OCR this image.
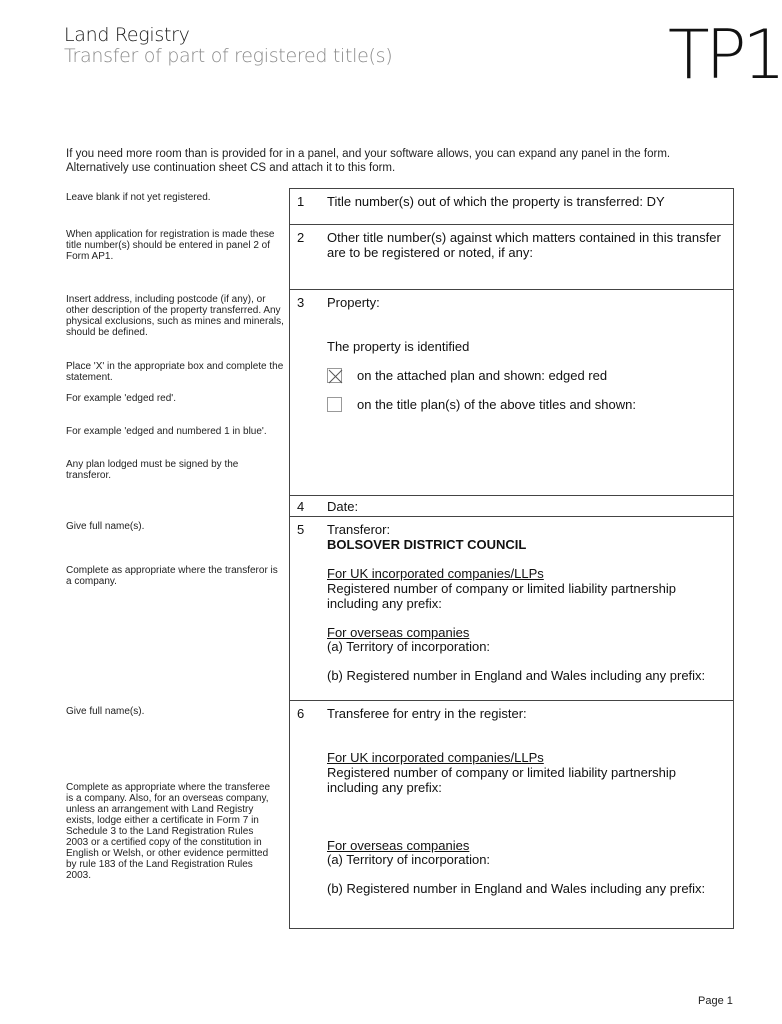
Land Registry
Transfer of part of registered title(s)	TP1
If you need more room than is provided for in a panel, and your software allows, you can expand any panel in the form. Alternatively use continuation sheet CS and attach it to this form.
Leave blank if not yet registered.
When application for registration is made these title number(s) should be entered in panel 2 of Form AP1.
Insert address, including postcode (if any), or other description of the property transferred. Any physical exclusions, such as mines and minerals, should be defined.
Place 'X' in the appropriate box and complete the statement.
For example 'edged red'.
For example 'edged and numbered 1 in blue'.
Any plan lodged must be signed by the transferor.
Give full name(s).
Complete as appropriate where the transferor is a company.
Give full name(s).
Complete as appropriate where the transferee is a company. Also, for an overseas company, unless an arrangement with Land Registry exists, lodge either a certificate in Form 7 in Schedule 3 to the Land Registration Rules 2003 or a certified copy of the constitution in English or Welsh, or other evidence permitted by rule 183 of the Land Registration Rules 2003.
1 Title number(s) out of which the property is transferred: DY
2 Other title number(s) against which matters contained in this transfer are to be registered or noted, if any:
3 Property:
The property is identified
on the attached plan and shown: edged red
on the title plan(s) of the above titles and shown:
4 Date:
5 Transferor:
BOLSOVER DISTRICT COUNCIL
For UK incorporated companies/LLPs
Registered number of company or limited liability partnership including any prefix:
For overseas companies
(a) Territory of incorporation:
(b) Registered number in England and Wales including any prefix:
6 Transferee for entry in the register:
For UK incorporated companies/LLPs
Registered number of company or limited liability partnership including any prefix:
For overseas companies
(a) Territory of incorporation:
(b) Registered number in England and Wales including any prefix:
Page 1
